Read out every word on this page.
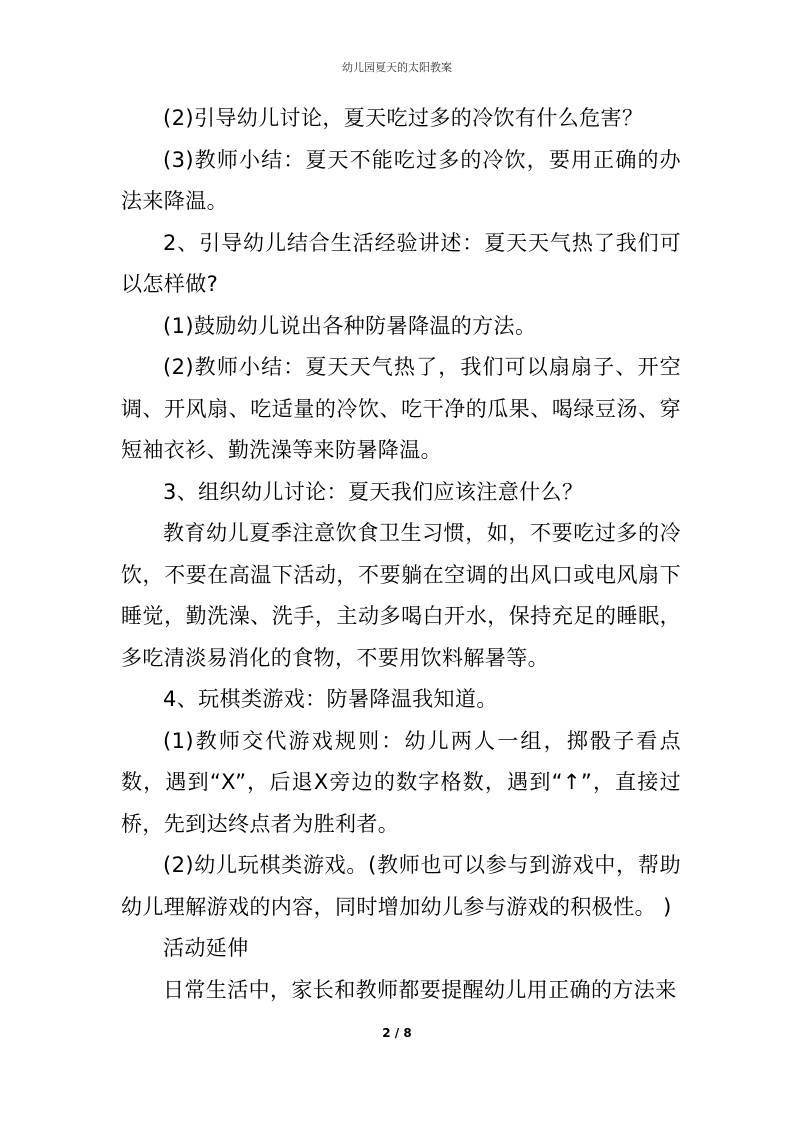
幼儿园夏天的太阳教案

(2)引导幼儿讨论，夏天吃过多的冷饮有什么危害？

(3)教师小结：夏天不能吃过多的冷饮，要用正确的办法来降温。

2、引导幼儿结合生活经验讲述：夏天天气热了我们可以怎样做?

(1)鼓励幼儿说出各种防暑降温的方法。

(2)教师小结：夏天天气热了，我们可以扇扇子、开空调、开风扇、吃适量的冷饮、吃干净的瓜果、喝绿豆汤、穿短袖衣衫、勤洗澡等来防暑降温。

3、组织幼儿讨论：夏天我们应该注意什么？

教育幼儿夏季注意饮食卫生习惯，如，不要吃过多的冷饮，不要在高温下活动，不要躺在空调的出风口或电风扇下睡觉，勤洗澡、洗手，主动多喝白开水，保持充足的睡眠，多吃清淡易消化的食物，不要用饮料解暑等。

4、玩棋类游戏：防暑降温我知道。

(1)教师交代游戏规则：幼儿两人一组，掷骰子看点数，遇到“X”，后退X旁边的数字格数，遇到“↑”，直接过桥，先到达终点者为胜利者。

(2)幼儿玩棋类游戏。(教师也可以参与到游戏中，帮助幼儿理解游戏的内容，同时增加幼儿参与游戏的积极性。 )

活动延伸

日常生活中，家长和教师都要提醒幼儿用正确的方法来

2 / 8
